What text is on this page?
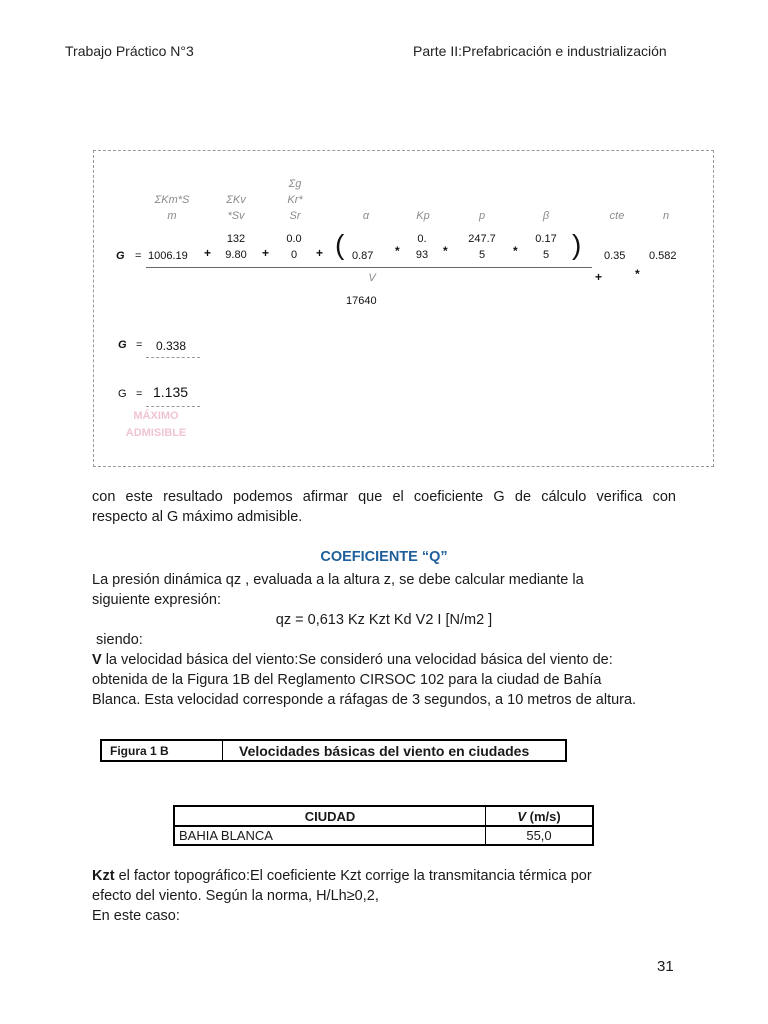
Trabajo Práctico N°3	Parte II:Prefabricación e industrialización
ΣKm*S
m
ΣKv
*Sv
Σg
Kr*
Sr	α	Kp	p	β	cte	n
G = 1006.19 +
132
9.80	+
0.0
0	+ ( 0.87 *
0.
93	*
247.7
5	*
0.17
5 ) 0.35 0.582
V	+	*
17640
G = 0.338
G = 1.135
MÁXIMO
ADMISIBLE
con este resultado podemos afirmar que el coeficiente G de cálculo verifica con
respecto al G máximo admisible.
COEFICIENTE “Q”
La presión dinámica qz , evaluada a la altura z, se debe calcular mediante la
siguiente expresión:
qz = 0,613 Kz Kzt Kd V2 I [N/m2 ]
siendo:
V la velocidad básica del viento:Se consideró una velocidad básica del viento de:
obtenida de la Figura 1B del Reglamento CIRSOC 102 para la ciudad de Bahía
Blanca. Esta velocidad corresponde a ráfagas de 3 segundos, a 10 metros de altura.
Figura 1 B	Velocidades básicas del viento en ciudades
CIUDAD	V (m/s)
BAHIA BLANCA	55,0
Kzt el factor topográfico:El coeficiente Kzt corrige la transmitancia térmica por
efecto del viento. Según la norma, H/Lh≥0,2,
En este caso:
31
